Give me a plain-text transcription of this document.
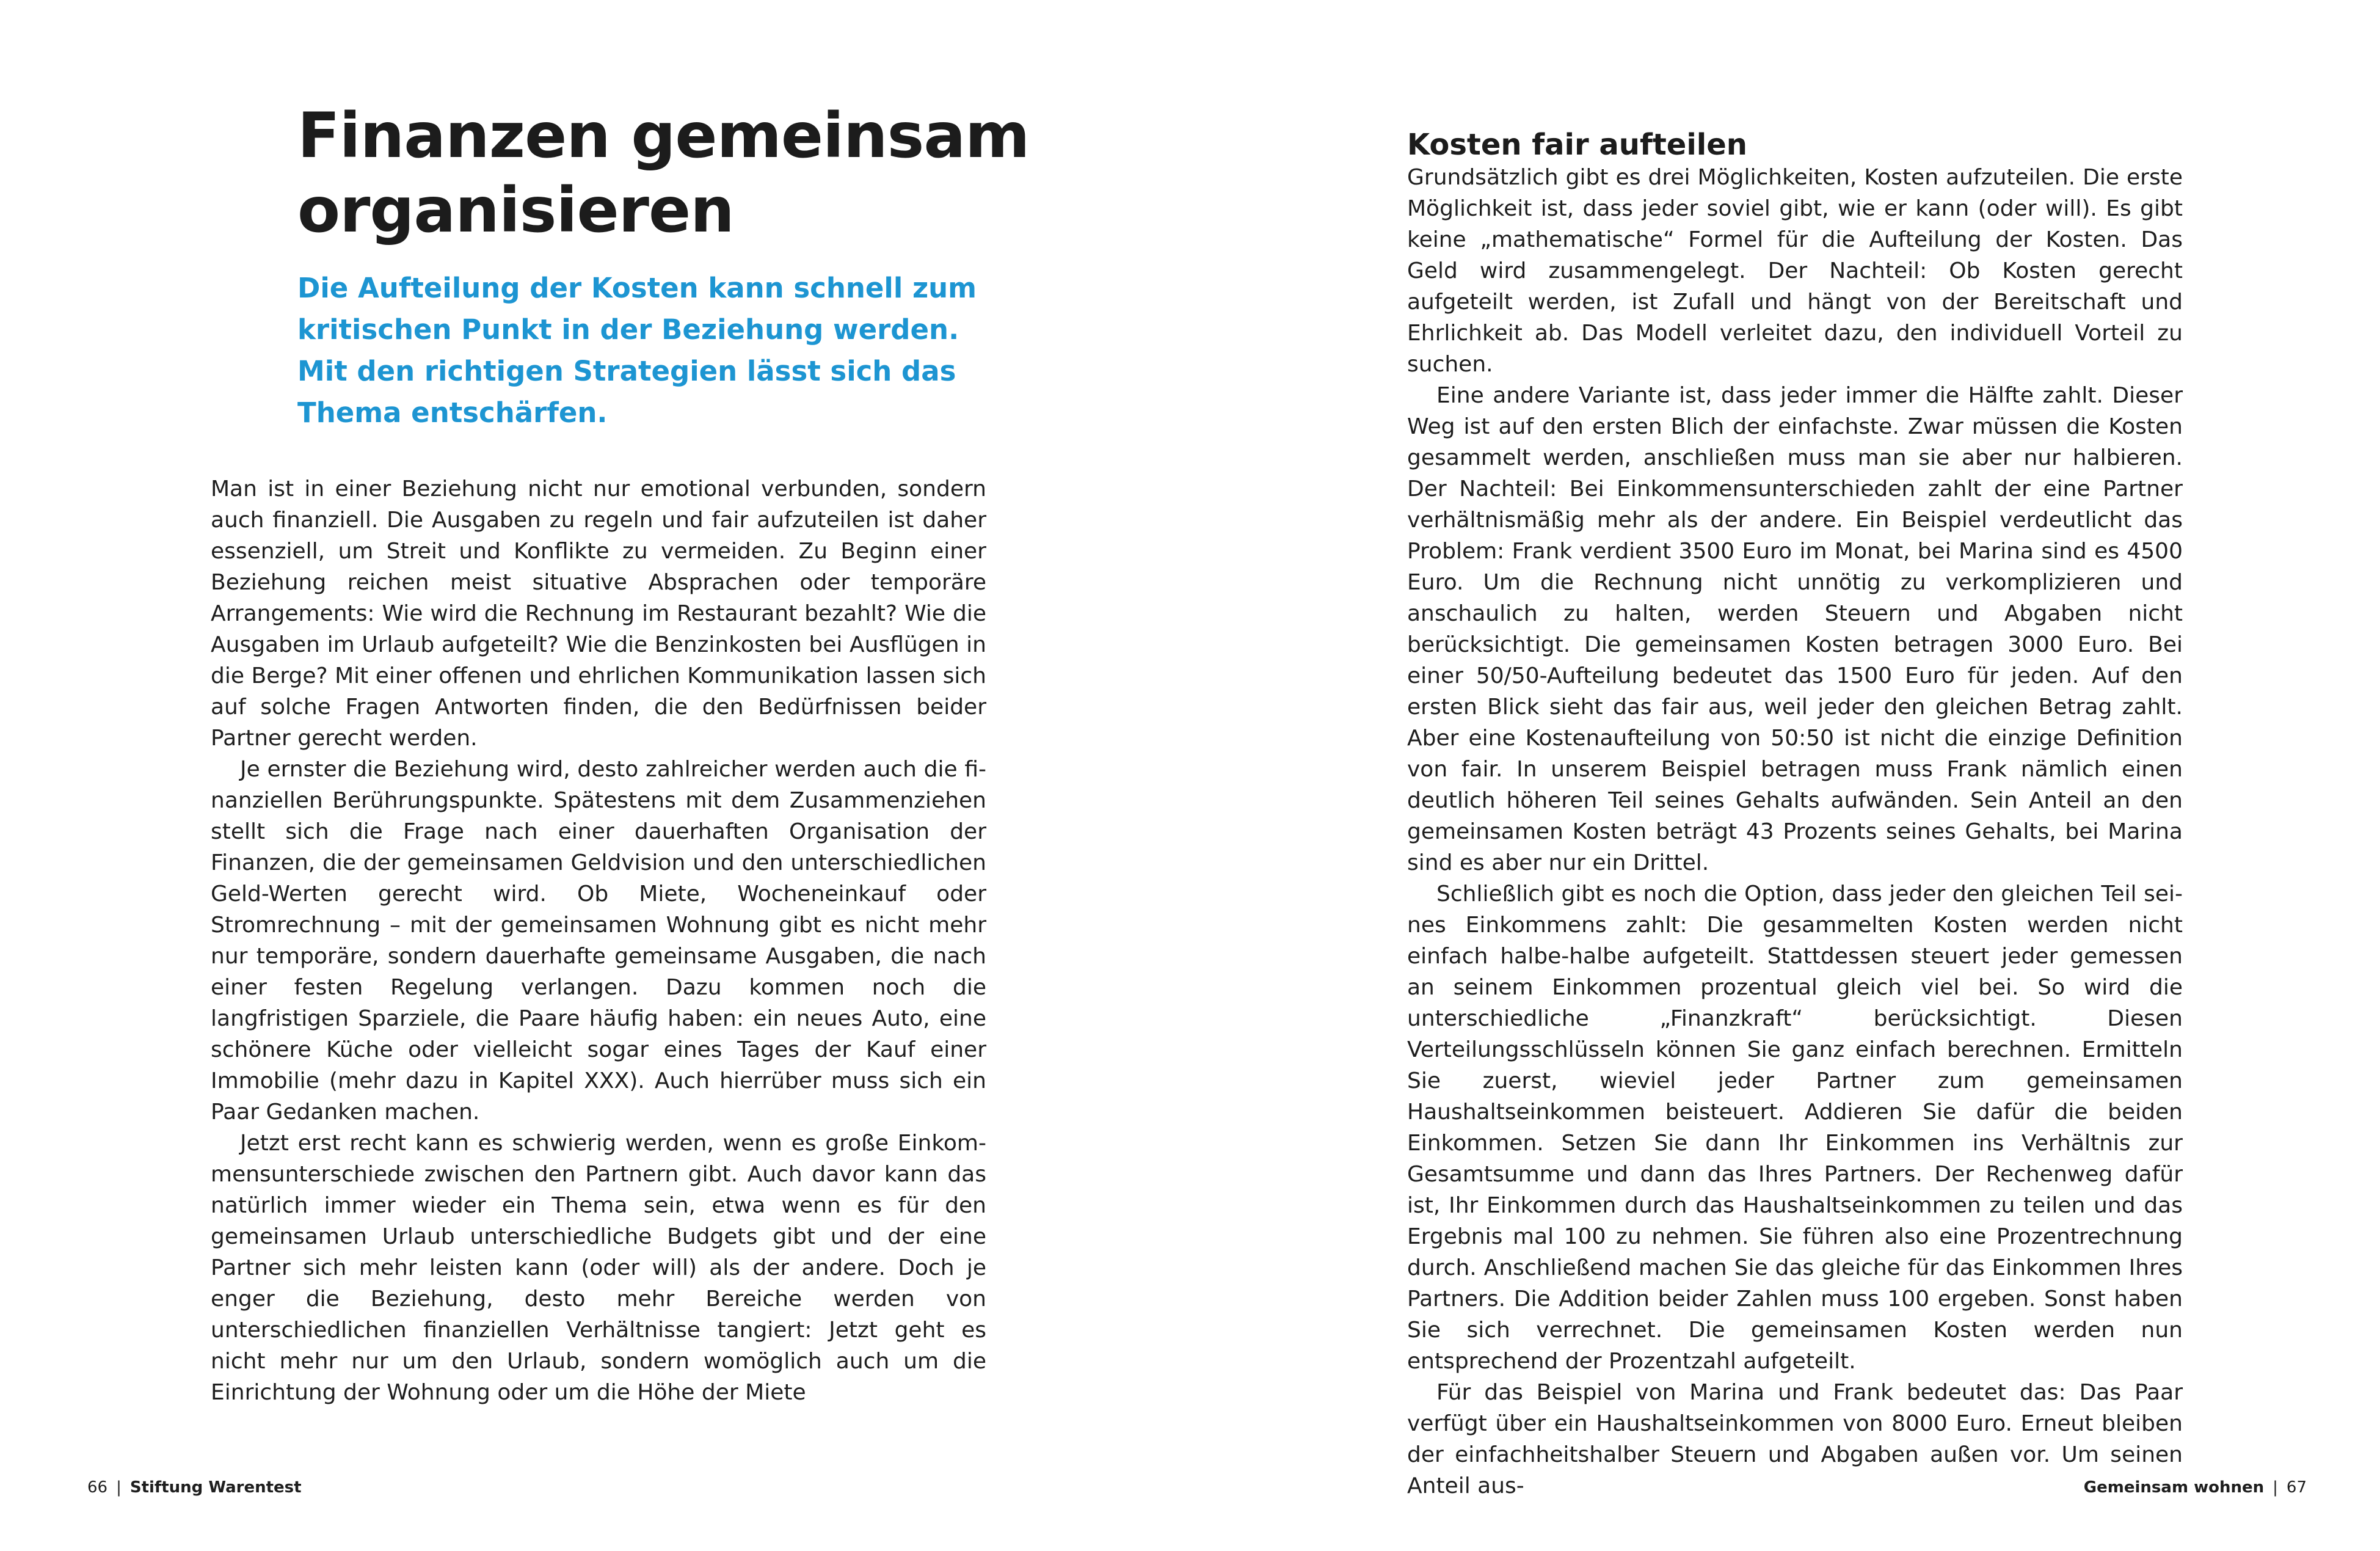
Finanzen gemeinsam organisieren

Die Aufteilung der Kosten kann schnell zum kritischen Punkt in der Beziehung werden. Mit den richtigen Strategien lässt sich das Thema entschärfen.

Man ist in einer Beziehung nicht nur emotional verbunden, sondern auch finanziell. Die Ausgaben zu regeln und fair aufzuteilen ist daher essenziell, um Streit und Konflikte zu vermeiden. Zu Beginn einer Beziehung reichen meist situative Absprachen oder temporäre Arrangements: Wie wird die Rechnung im Restaurant bezahlt? Wie die Ausgaben im Urlaub aufgeteilt? Wie die Benzinkosten bei Ausflügen in die Berge? Mit einer offenen und ehrlichen Kommunikation lassen sich auf solche Fragen Antworten finden, die den Bedürfnissen beider Partner gerecht werden.

Je ernster die Beziehung wird, desto zahlreicher werden auch die finanziellen Berührungspunkte. Spätestens mit dem Zusammenziehen stellt sich die Frage nach einer dauerhaften Organisation der Finanzen, die der gemeinsamen Geldvision und den unterschiedlichen Geld-Werten gerecht wird. Ob Miete, Wocheneinkauf oder Stromrechnung – mit der gemeinsamen Wohnung gibt es nicht mehr nur temporäre, sondern dauerhafte gemeinsame Ausgaben, die nach einer festen Regelung verlangen. Dazu kommen noch die langfristigen Sparziele, die Paare häufig haben: ein neues Auto, eine schönere Küche oder vielleicht sogar eines Tages der Kauf einer Immobilie (mehr dazu in Kapitel XXX). Auch hierrüber muss sich ein Paar Gedanken machen.

Jetzt erst recht kann es schwierig werden, wenn es große Einkommensunterschiede zwischen den Partnern gibt. Auch davor kann das natürlich immer wieder ein Thema sein, etwa wenn es für den gemeinsamen Urlaub unterschiedliche Budgets gibt und der eine Partner sich mehr leisten kann (oder will) als der andere. Doch je enger die Beziehung, desto mehr Bereiche werden von unterschiedlichen finanziellen Verhältnisse tangiert: Jetzt geht es nicht mehr nur um den Urlaub, sondern womöglich auch um die Einrichtung der Wohnung oder um die Höhe der Miete

66 | Stiftung Warentest
Kosten fair aufteilen

Grundsätzlich gibt es drei Möglichkeiten, Kosten aufzuteilen. Die erste Möglichkeit ist, dass jeder soviel gibt, wie er kann (oder will). Es gibt keine „mathematische“ Formel für die Aufteilung der Kosten. Das Geld wird zusammengelegt. Der Nachteil: Ob Kosten gerecht aufgeteilt werden, ist Zufall und hängt von der Bereitschaft und Ehrlichkeit ab. Das Modell verleitet dazu, den individuell Vorteil zu suchen.

Eine andere Variante ist, dass jeder immer die Hälfte zahlt. Dieser Weg ist auf den ersten Blich der einfachste. Zwar müssen die Kosten gesammelt werden, anschließen muss man sie aber nur halbieren. Der Nachteil: Bei Einkommensunterschieden zahlt der eine Partner verhältnismäßig mehr als der andere. Ein Beispiel verdeutlicht das Problem: Frank verdient 3500 Euro im Monat, bei Marina sind es 4500 Euro. Um die Rechnung nicht unnötig zu verkomplizieren und anschaulich zu halten, werden Steuern und Abgaben nicht berücksichtigt. Die gemeinsamen Kosten betragen 3000 Euro. Bei einer 50/50-Aufteilung bedeutet das 1500 Euro für jeden. Auf den ersten Blick sieht das fair aus, weil jeder den gleichen Betrag zahlt. Aber eine Kostenaufteilung von 50:50 ist nicht die einzige Definition von fair. In unserem Beispiel betragen muss Frank nämlich einen deutlich höheren Teil seines Gehalts aufwänden. Sein Anteil an den gemeinsamen Kosten beträgt 43 Prozents seines Gehalts, bei Marina sind es aber nur ein Drittel.

Schließlich gibt es noch die Option, dass jeder den gleichen Teil seines Einkommens zahlt: Die gesammelten Kosten werden nicht einfach halbe-halbe aufgeteilt. Stattdessen steuert jeder gemessen an seinem Einkommen prozentual gleich viel bei. So wird die unterschiedliche „Finanzkraft“ berücksichtigt. Diesen Verteilungsschlüsseln können Sie ganz einfach berechnen. Ermitteln Sie zuerst, wieviel jeder Partner zum gemeinsamen Haushaltseinkommen beisteuert. Addieren Sie dafür die beiden Einkommen. Setzen Sie dann Ihr Einkommen ins Verhältnis zur Gesamtsumme und dann das Ihres Partners. Der Rechenweg dafür ist, Ihr Einkommen durch das Haushaltseinkommen zu teilen und das Ergebnis mal 100 zu nehmen. Sie führen also eine Prozentrechnung durch. Anschließend machen Sie das gleiche für das Einkommen Ihres Partners. Die Addition beider Zahlen muss 100 ergeben. Sonst haben Sie sich verrechnet. Die gemeinsamen Kosten werden nun entsprechend der Prozentzahl aufgeteilt.

Für das Beispiel von Marina und Frank bedeutet das: Das Paar verfügt über ein Haushaltseinkommen von 8000 Euro. Erneut bleiben der einfachheitshalber Steuern und Abgaben außen vor. Um seinen Anteil aus-	Gemeinsam wohnen | 67
